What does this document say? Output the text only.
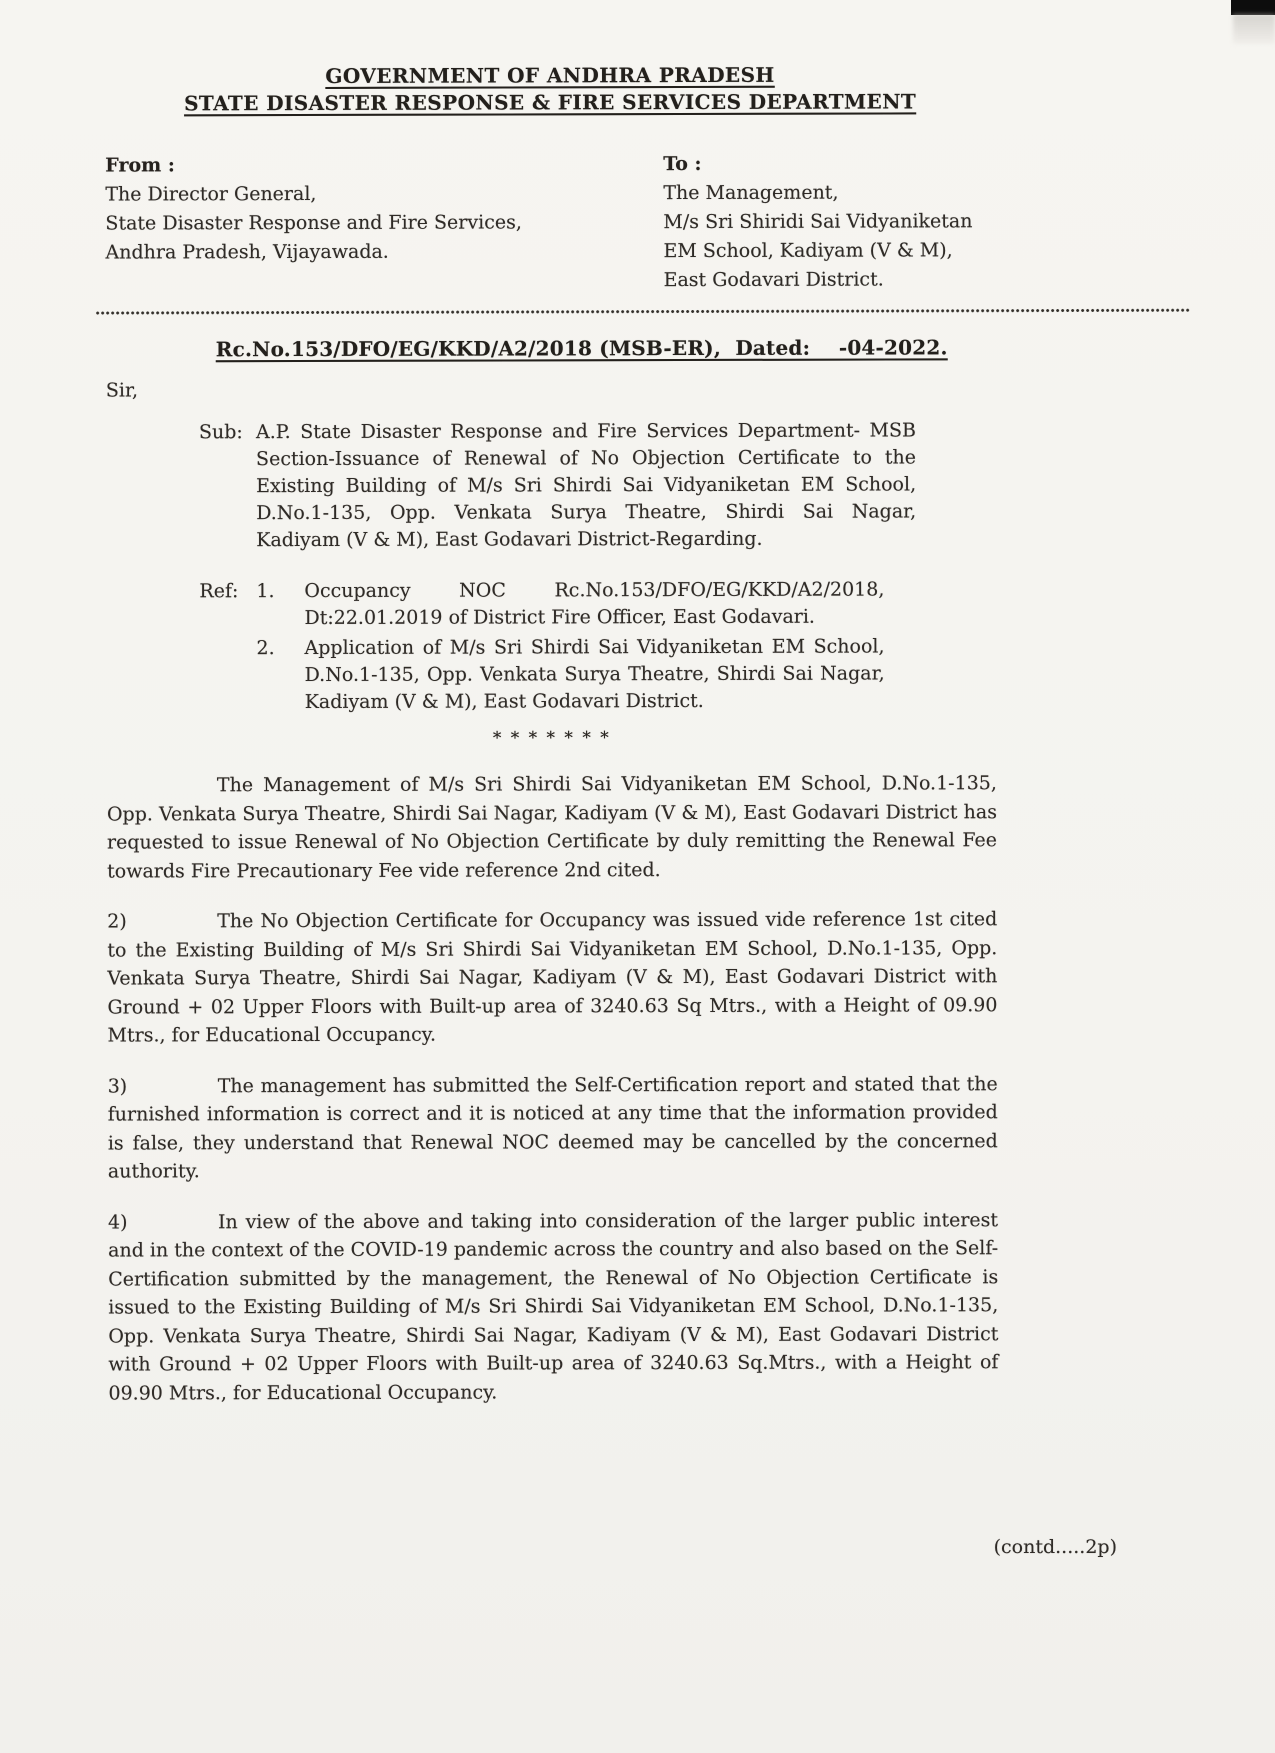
GOVERNMENT OF ANDHRA PRADESH
STATE DISASTER RESPONSE & FIRE SERVICES DEPARTMENT
From :
The Director General,
State Disaster Response and Fire Services,
Andhra Pradesh, Vijayawada.
To :
The Management,
M/s Sri Shiridi Sai Vidyaniketan
EM School, Kadiyam (V & M),
East Godavari District.
Rc.No.153/DFO/EG/KKD/A2/2018 (MSB-ER),  Dated:    -04-2022.
Sir,
Sub: A.P. State Disaster Response and Fire Services Department- MSB Section-Issuance of Renewal of No Objection Certificate to the Existing Building of M/s Sri Shirdi Sai Vidyaniketan EM School, D.No.1-135, Opp. Venkata Surya Theatre, Shirdi Sai Nagar, Kadiyam (V & M), East Godavari District-Regarding.
Ref: 1.	Occupancy NOC Rc.No.153/DFO/EG/KKD/A2/2018, Dt:22.01.2019 of District Fire Officer, East Godavari.
2.	Application of M/s Sri Shirdi Sai Vidyaniketan EM School, D.No.1-135, Opp. Venkata Surya Theatre, Shirdi Sai Nagar, Kadiyam (V & M), East Godavari District.
* * * * * * *

The Management of M/s Sri Shirdi Sai Vidyaniketan EM School, D.No.1-135, Opp. Venkata Surya Theatre, Shirdi Sai Nagar, Kadiyam (V & M), East Godavari District has requested to issue Renewal of No Objection Certificate by duly remitting the Renewal Fee towards Fire Precautionary Fee vide reference 2nd cited.

2)	The No Objection Certificate for Occupancy was issued vide reference 1st cited to the Existing Building of M/s Sri Shirdi Sai Vidyaniketan EM School, D.No.1-135, Opp. Venkata Surya Theatre, Shirdi Sai Nagar, Kadiyam (V & M), East Godavari District with Ground + 02 Upper Floors with Built-up area of 3240.63 Sq Mtrs., with a Height of 09.90 Mtrs., for Educational Occupancy.

3)	The management has submitted the Self-Certification report and stated that the furnished information is correct and it is noticed at any time that the information provided is false, they understand that Renewal NOC deemed may be cancelled by the concerned authority.

4)	In view of the above and taking into consideration of the larger public interest and in the context of the COVID-19 pandemic across the country and also based on the Self-Certification submitted by the management, the Renewal of No Objection Certificate is issued to the Existing Building of M/s Sri Shirdi Sai Vidyaniketan EM School, D.No.1-135, Opp. Venkata Surya Theatre, Shirdi Sai Nagar, Kadiyam (V & M), East Godavari District with Ground + 02 Upper Floors with Built-up area of 3240.63 Sq.Mtrs., with a Height of 09.90 Mtrs., for Educational Occupancy.

(contd.....2p)
